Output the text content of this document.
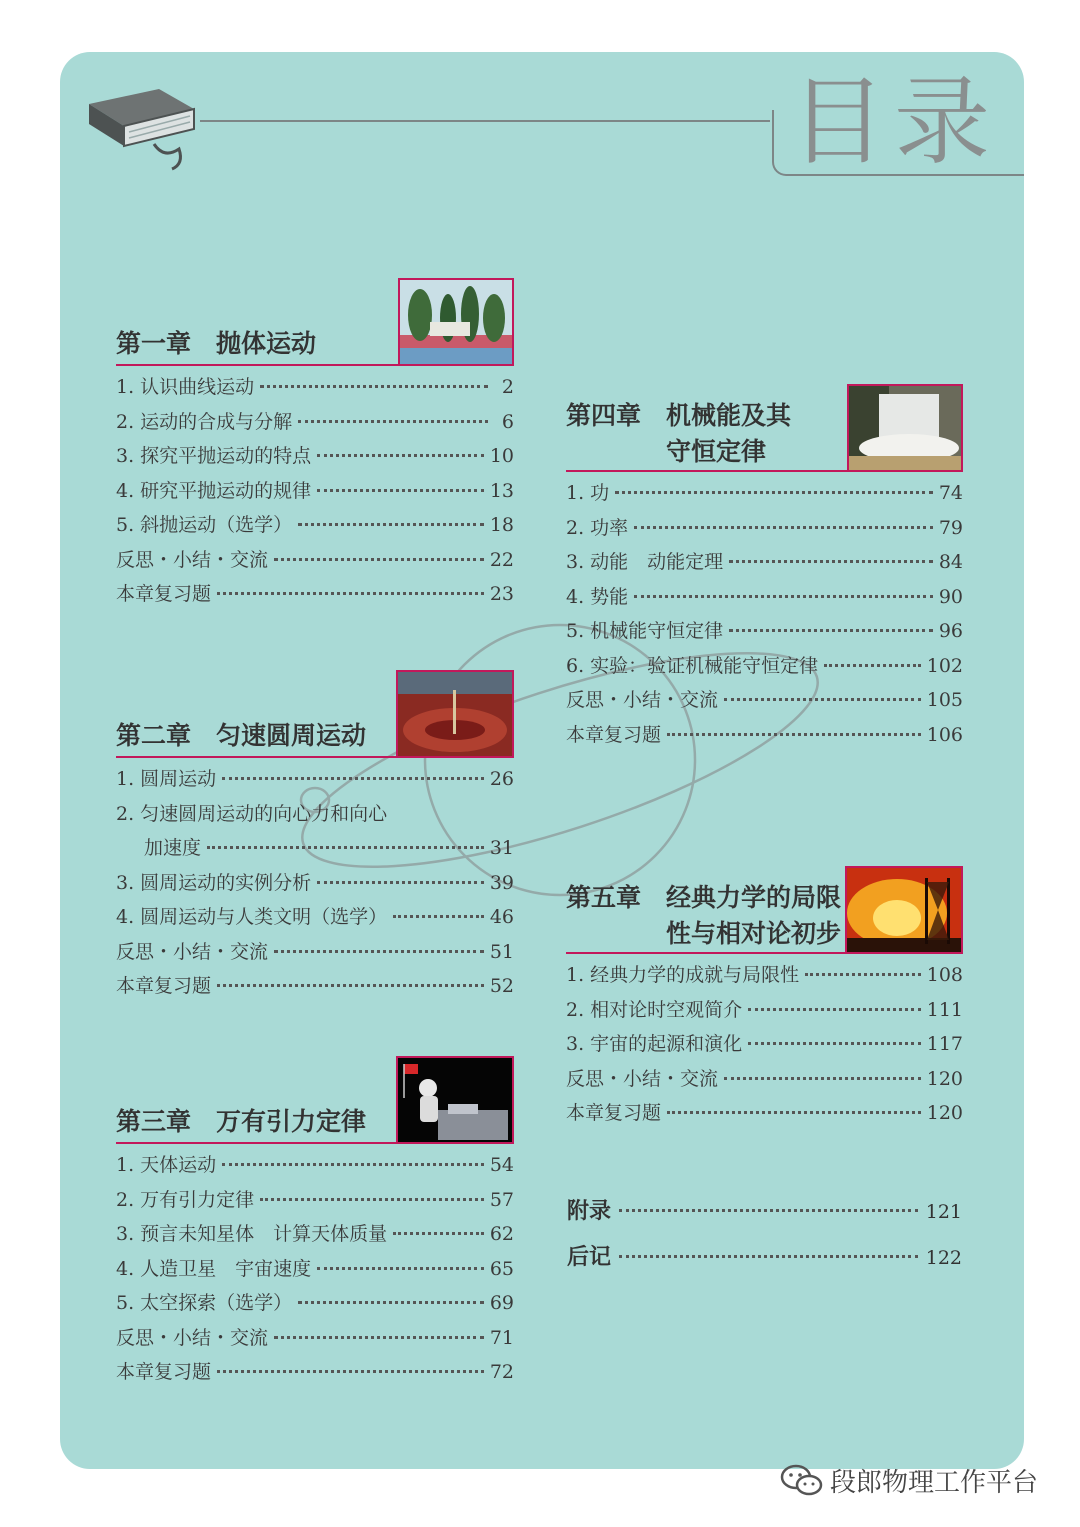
目录
第一章　抛体运动
1. 认识曲线运动	2
2. 运动的合成与分解	6
3. 探究平抛运动的特点	10
4. 研究平抛运动的规律	13
5. 斜抛运动（选学）	18
反思・小结・交流	22
本章复习题	23
第二章　匀速圆周运动
1. 圆周运动	26
2. 匀速圆周运动的向心力和向心
加速度	31
3. 圆周运动的实例分析	39
4. 圆周运动与人类文明（选学）	46
反思・小结・交流	51
本章复习题	52
第三章　万有引力定律
1. 天体运动	54
2. 万有引力定律	57
3. 预言未知星体　计算天体质量	62
4. 人造卫星　宇宙速度	65
5. 太空探索（选学）	69
反思・小结・交流	71
本章复习题	72
第四章　机械能及其
　　　　守恒定律
1. 功	74
2. 功率	79
3. 动能　动能定理	84
4. 势能	90
5. 机械能守恒定律	96
6. 实验：验证机械能守恒定律	102
反思・小结・交流	105
本章复习题	106
第五章　经典力学的局限
　　　　性与相对论初步
1. 经典力学的成就与局限性	108
2. 相对论时空观简介	111
3. 宇宙的起源和演化	117
反思・小结・交流	120
本章复习题	120
附录	121
后记	122
段郎物理工作平台
